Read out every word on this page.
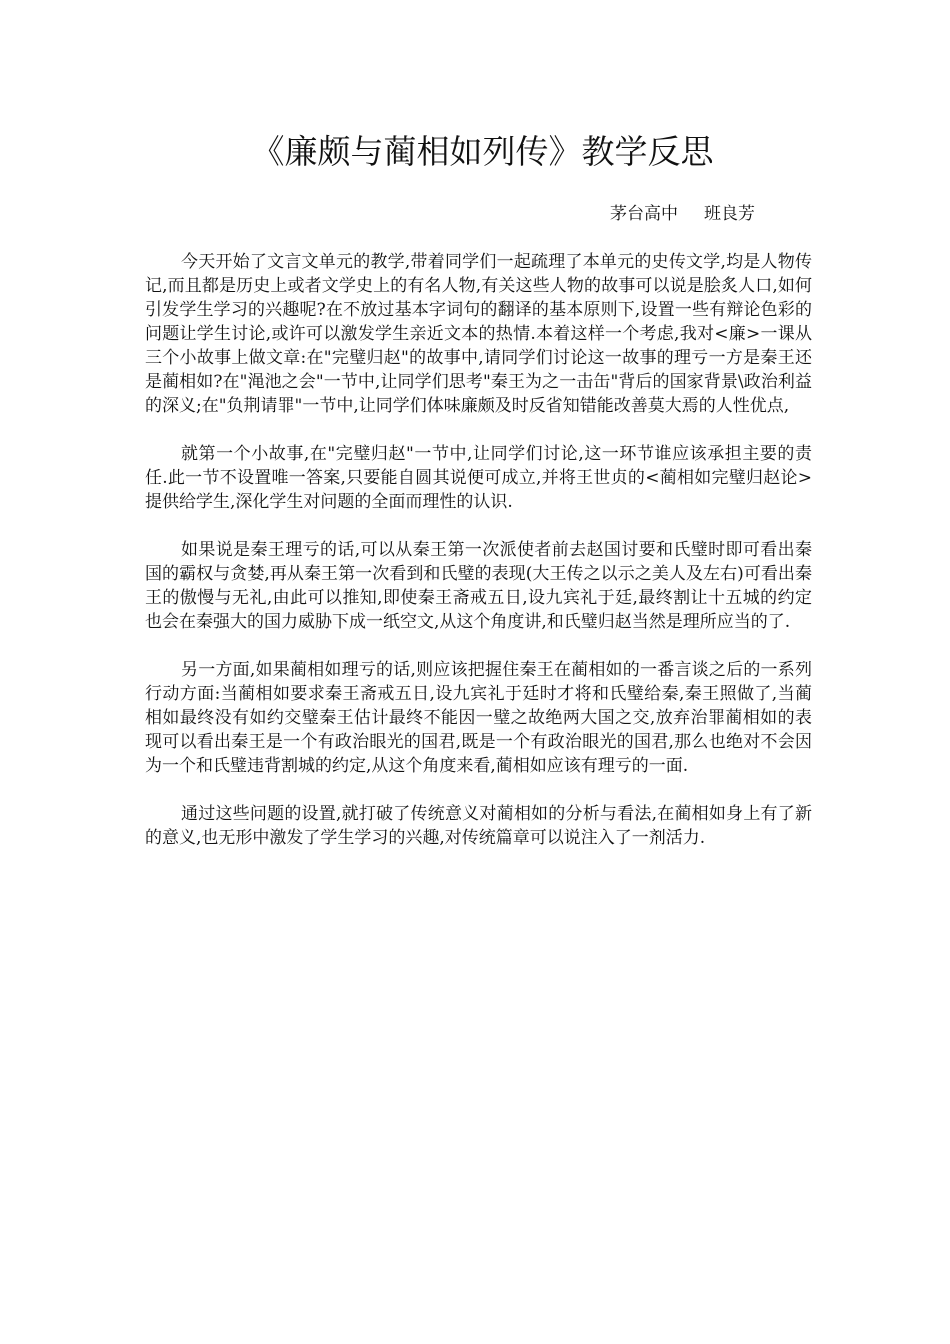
《廉颇与蔺相如列传》教学反思
茅台高中 班良芳

今天开始了文言文单元的教学,带着同学们一起疏理了本单元的史传文学,均是人物传记,而且都是历史上或者文学史上的有名人物,有关这些人物的故事可以说是脍炙人口,如何引发学生学习的兴趣呢?在不放过基本字词句的翻译的基本原则下,设置一些有辩论色彩的问题让学生讨论,或许可以激发学生亲近文本的热情.本着这样一个考虑,我对<廉>一课从三个小故事上做文章:在"完璧归赵"的故事中,请同学们讨论这一故事的理亏一方是秦王还是蔺相如?在"渑池之会"一节中,让同学们思考"秦王为之一击缶"背后的国家背景\政治利益的深义;在"负荆请罪"一节中,让同学们体味廉颇及时反省知错能改善莫大焉的人性优点,

就第一个小故事,在"完璧归赵"一节中,让同学们讨论,这一环节谁应该承担主要的责任.此一节不设置唯一答案,只要能自圆其说便可成立,并将王世贞的<蔺相如完璧归赵论>提供给学生,深化学生对问题的全面而理性的认识.

如果说是秦王理亏的话,可以从秦王第一次派使者前去赵国讨要和氏璧时即可看出秦国的霸权与贪婪,再从秦王第一次看到和氏璧的表现(大王传之以示之美人及左右)可看出秦王的傲慢与无礼,由此可以推知,即使秦王斋戒五日,设九宾礼于廷,最终割让十五城的约定也会在秦强大的国力威胁下成一纸空文,从这个角度讲,和氏璧归赵当然是理所应当的了.

另一方面,如果蔺相如理亏的话,则应该把握住秦王在蔺相如的一番言谈之后的一系列行动方面:当蔺相如要求秦王斋戒五日,设九宾礼于廷时才将和氏璧给秦,秦王照做了,当蔺相如最终没有如约交璧秦王估计最终不能因一璧之故绝两大国之交,放弃治罪蔺相如的表现可以看出秦王是一个有政治眼光的国君,既是一个有政治眼光的国君,那么也绝对不会因为一个和氏璧违背割城的约定,从这个角度来看,蔺相如应该有理亏的一面.

通过这些问题的设置,就打破了传统意义对蔺相如的分析与看法,在蔺相如身上有了新的意义,也无形中激发了学生学习的兴趣,对传统篇章可以说注入了一剂活力.
